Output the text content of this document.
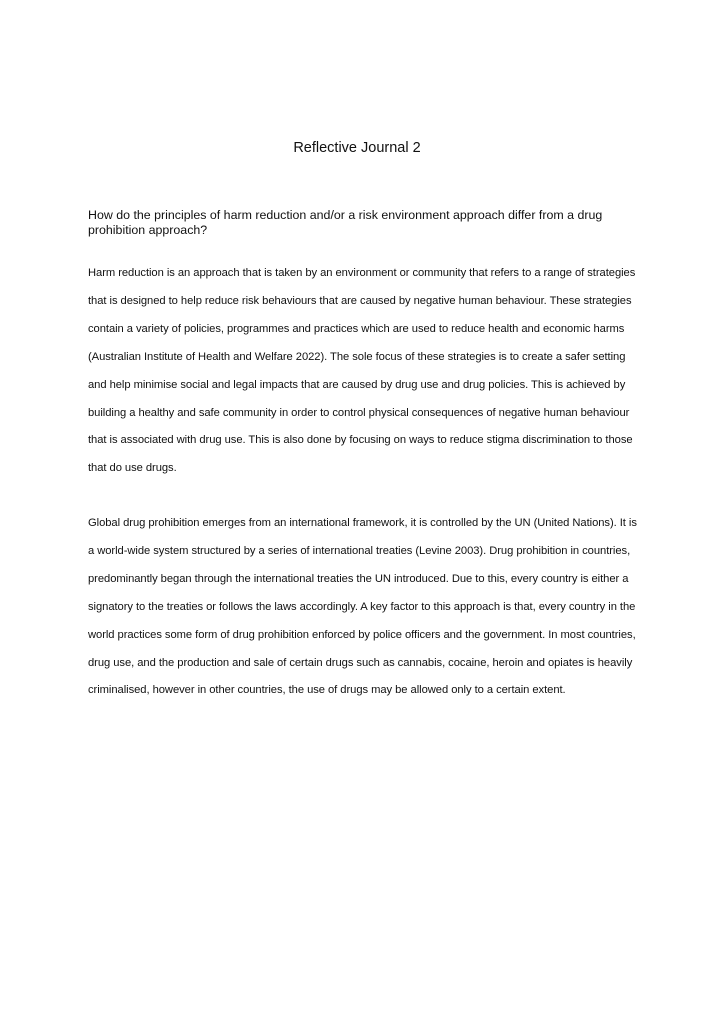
Reflective Journal 2

How do the principles of harm reduction and/or a risk environment approach differ from a drug prohibition approach?

Harm reduction is an approach that is taken by an environment or community that refers to a range of strategies that is designed to help reduce risk behaviours that are caused by negative human behaviour. These strategies contain a variety of policies, programmes and practices which are used to reduce health and economic harms (Australian Institute of Health and Welfare 2022). The sole focus of these strategies is to create a safer setting and help minimise social and legal impacts that are caused by drug use and drug policies. This is achieved by building a healthy and safe community in order to control physical consequences of negative human behaviour that is associated with drug use. This is also done by focusing on ways to reduce stigma discrimination to those that do use drugs.

Global drug prohibition emerges from an international framework, it is controlled by the UN (United Nations). It is a world-wide system structured by a series of international treaties (Levine 2003). Drug prohibition in countries, predominantly began through the international treaties the UN introduced. Due to this, every country is either a signatory to the treaties or follows the laws accordingly. A key factor to this approach is that, every country in the world practices some form of drug prohibition enforced by police officers and the government. In most countries, drug use, and the production and sale of certain drugs such as cannabis, cocaine, heroin and opiates is heavily criminalised, however in other countries, the use of drugs may be allowed only to a certain extent.
